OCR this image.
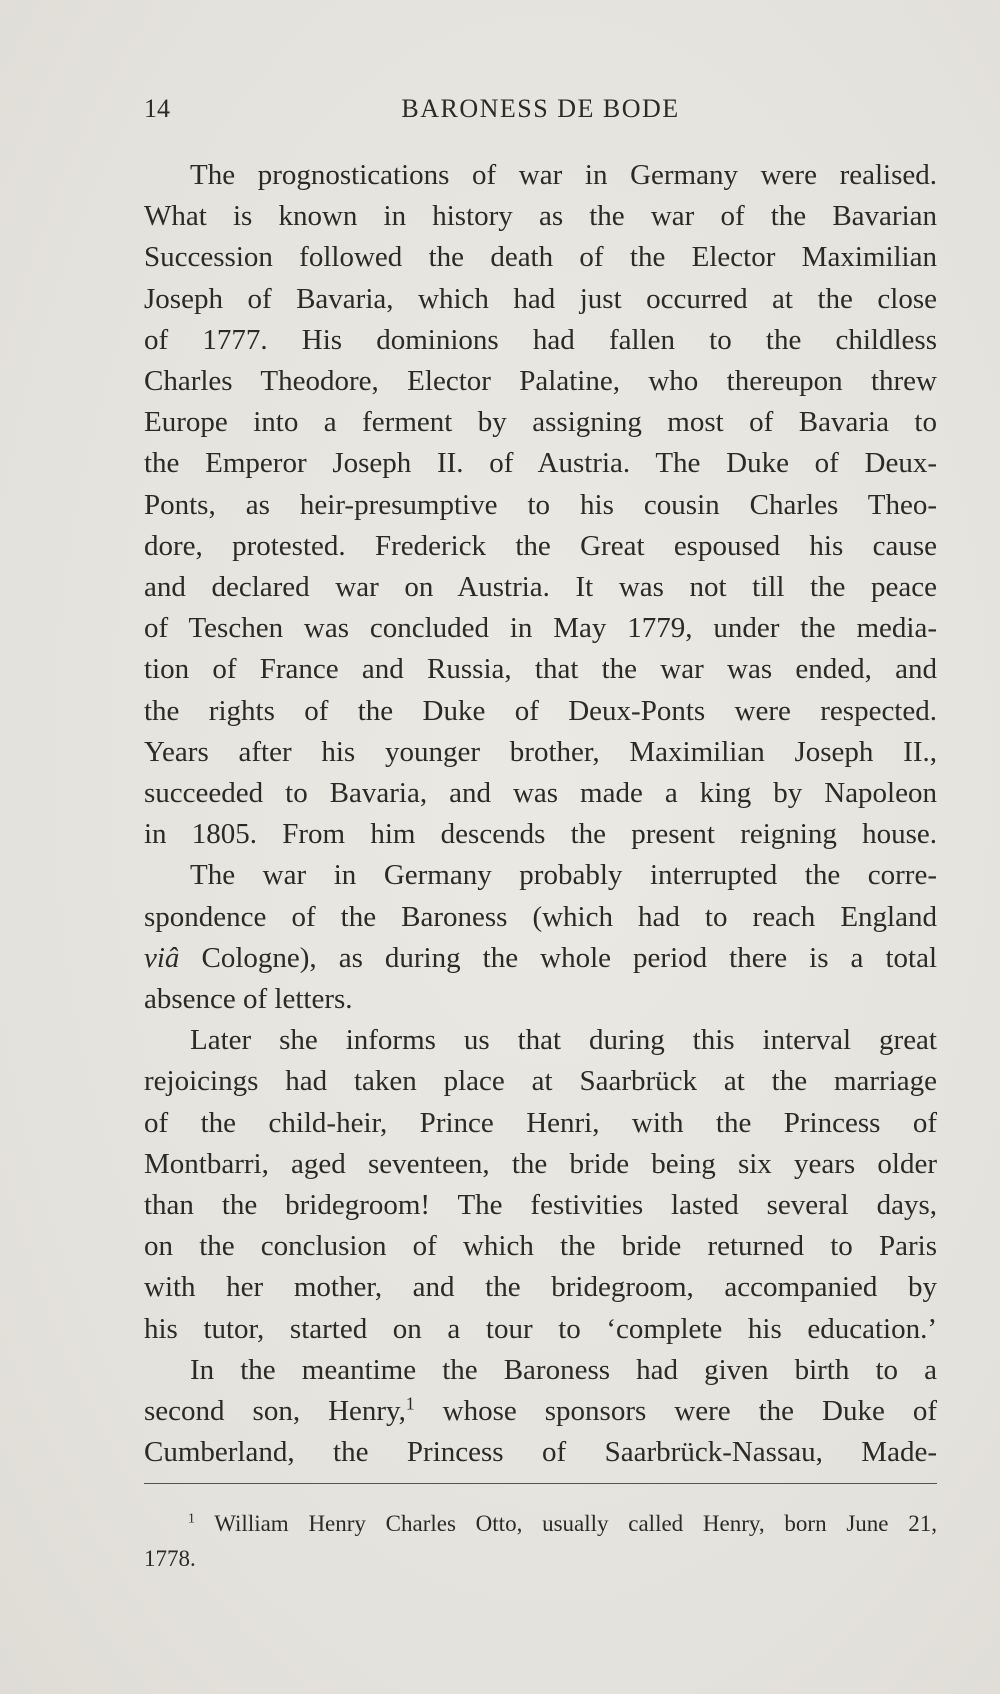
14	BARONESS DE BODE
The prognostications of war in Germany were realised.
What is known in history as the war of the Bavarian
Succession followed the death of the Elector Maximilian
Joseph of Bavaria, which had just occurred at the close
of 1777. His dominions had fallen to the childless
Charles Theodore, Elector Palatine, who thereupon threw
Europe into a ferment by assigning most of Bavaria to
the Emperor Joseph II. of Austria. The Duke of Deux-
Ponts, as heir-presumptive to his cousin Charles Theo-
dore, protested. Frederick the Great espoused his cause
and declared war on Austria. It was not till the peace
of Teschen was concluded in May 1779, under the media-
tion of France and Russia, that the war was ended, and
the rights of the Duke of Deux-Ponts were respected.
Years after his younger brother, Maximilian Joseph II.,
succeeded to Bavaria, and was made a king by Napoleon
in 1805. From him descends the present reigning house.
The war in Germany probably interrupted the corre-
spondence of the Baroness (which had to reach England
viâ Cologne), as during the whole period there is a total
absence of letters.
Later she informs us that during this interval great
rejoicings had taken place at Saarbrück at the marriage
of the child-heir, Prince Henri, with the Princess of
Montbarri, aged seventeen, the bride being six years older
than the bridegroom! The festivities lasted several days,
on the conclusion of which the bride returned to Paris
with her mother, and the bridegroom, accompanied by
his tutor, started on a tour to ‘complete his education.’
In the meantime the Baroness had given birth to a
second son, Henry,$^1$ whose sponsors were the Duke of
Cumberland, the Princess of Saarbrück-Nassau, Made-
$^1$ William Henry Charles Otto, usually called Henry, born June 21,
1778.
